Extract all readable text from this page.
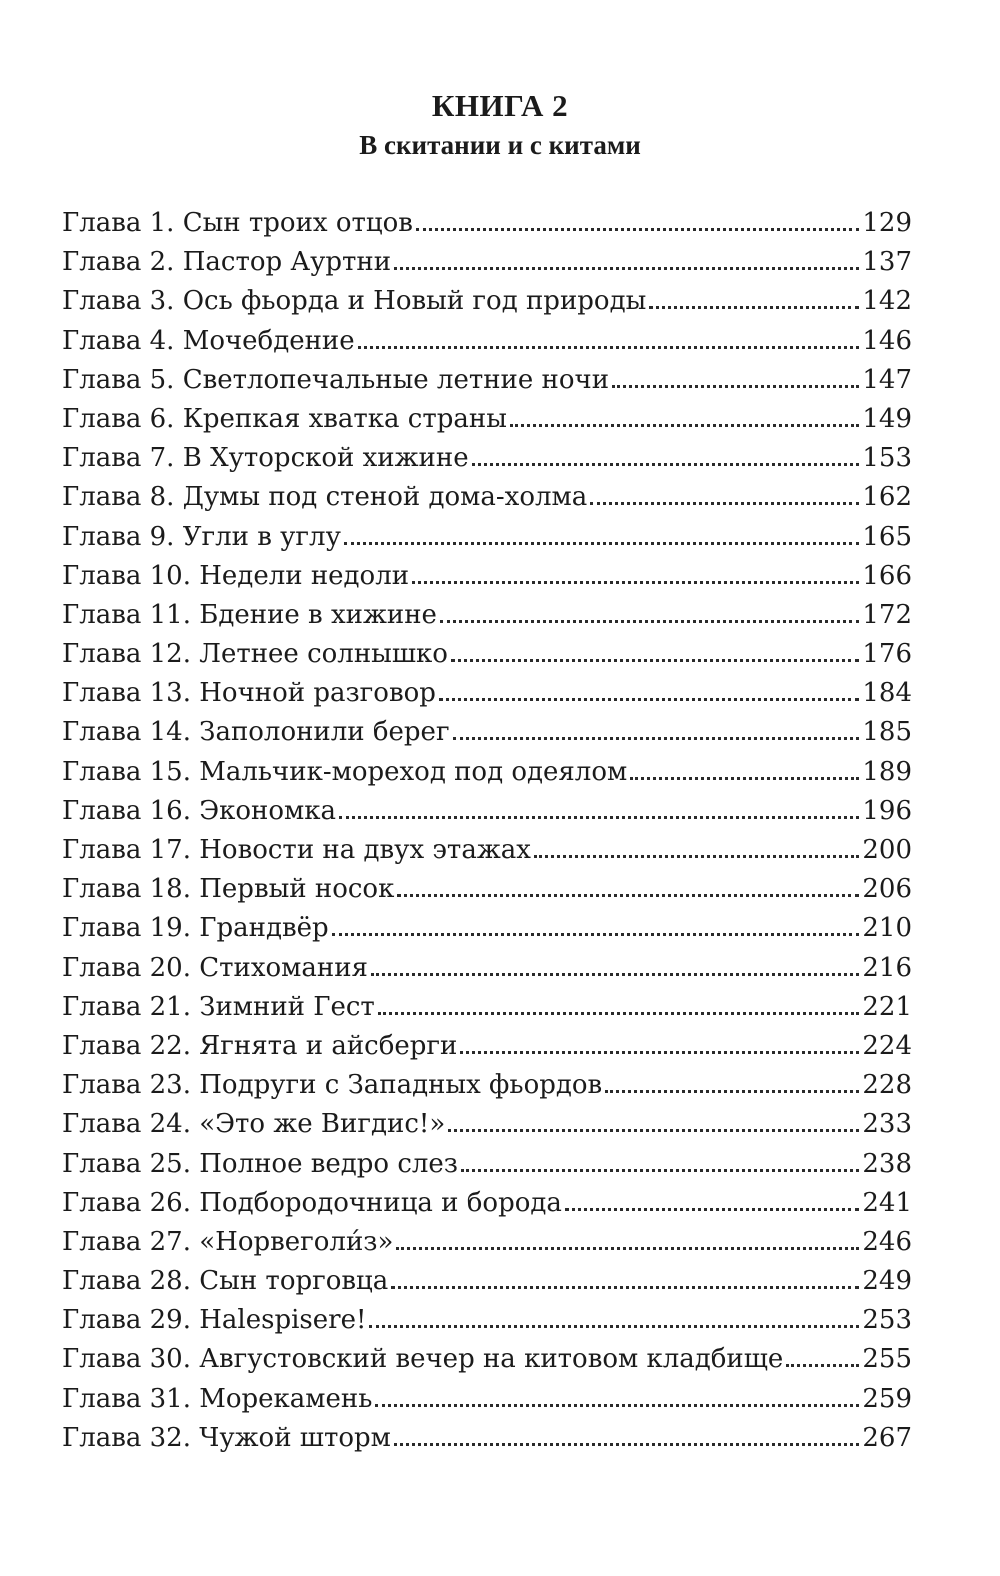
КНИГА 2
В скитании и с китами
Глава 1. Сын троих отцов	129
Глава 2. Пастор Ауртни	137
Глава 3. Ось фьорда и Новый год природы	142
Глава 4. Мочебдение	146
Глава 5. Светлопечальные летние ночи	147
Глава 6. Крепкая хватка страны	149
Глава 7. В Хуторской хижине	153
Глава 8. Думы под стеной дома-холма	162
Глава 9. Угли в углу	165
Глава 10. Недели недоли	166
Глава 11. Бдение в хижине	172
Глава 12. Летнее солнышко	176
Глава 13. Ночной разговор	184
Глава 14. Заполонили берег	185
Глава 15. Мальчик-мореход под одеялом	189
Глава 16. Экономка	196
Глава 17. Новости на двух этажах	200
Глава 18. Первый носок	206
Глава 19. Грандвёр	210
Глава 20. Стихомания	216
Глава 21. Зимний Гест	221
Глава 22. Ягнята и айсберги	224
Глава 23. Подруги с Западных фьордов	228
Глава 24. «Это же Вигдис!»	233
Глава 25. Полное ведро слез	238
Глава 26. Подбородочница и борода	241
Глава 27. «Норвеголи́з»	246
Глава 28. Сын торговца	249
Глава 29. Halespisere!	253
Глава 30. Августовский вечер на китовом кладбище	255
Глава 31. Морекамень	259
Глава 32. Чужой шторм	267
